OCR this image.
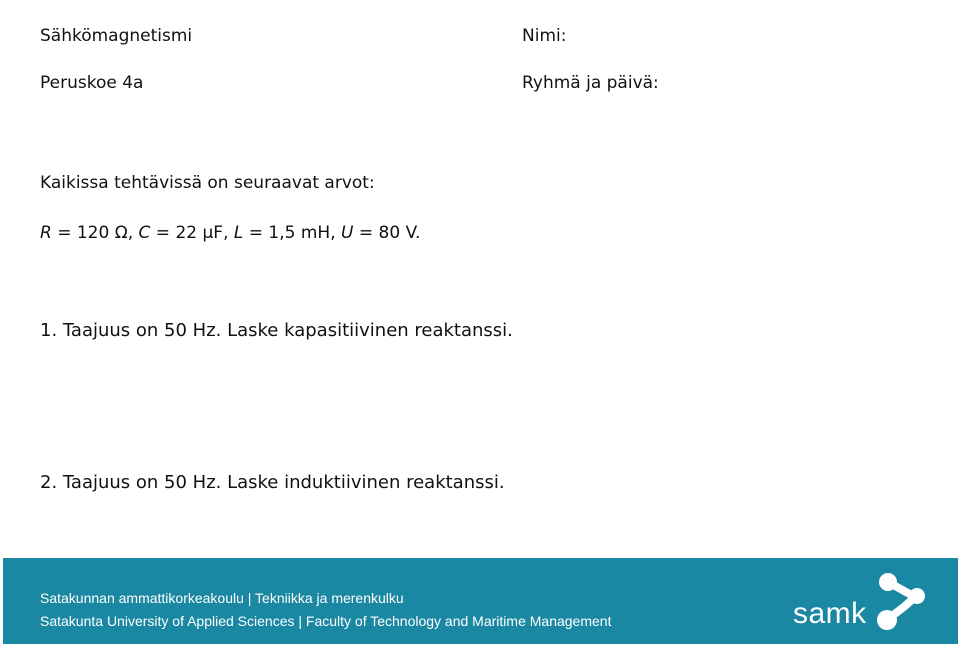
Sähkömagnetismi
Peruskoe 4a
Nimi:
Ryhmä ja päivä:
Kaikissa tehtävissä on seuraavat arvot:
R = 120 Ω, C = 22 μF, L = 1,5 mH, U = 80 V.
1. Taajuus on 50 Hz. Laske kapasitiivinen reaktanssi.
2. Taajuus on 50 Hz. Laske induktiivinen reaktanssi.
Satakunnan ammattikorkeakoulu | Tekniikka ja merenkulku
Satakunta University of Applied Sciences | Faculty of Technology and Maritime Management	samk
